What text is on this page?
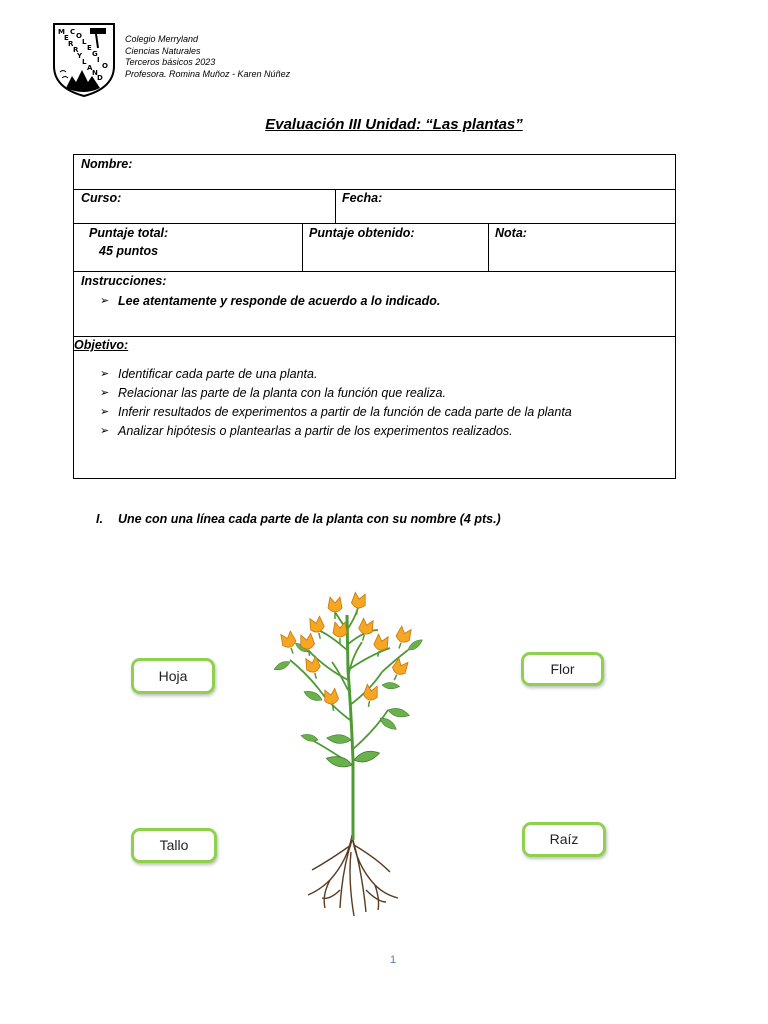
M
E
R
R
Y
L
A
N
D
C O
L
E
G
I
O
Colegio Merryland
Ciencias Naturales
Terceros básicos 2023
Profesora. Romina Muñoz - Karen Núñez
Evaluación III Unidad: “Las plantas”
Nombre:
Curso:	Fecha:
Puntaje total:
45 puntos
Puntaje obtenido:	Nota:
Instrucciones:
➢ Lee atentamente y responde de acuerdo a lo indicado.
Objetivo:
➢ Identificar cada parte de una planta.
➢ Relacionar las parte de la planta con la función que realiza.
➢ Inferir resultados de experimentos a partir de la función de cada parte de la planta
➢ Analizar hipótesis o plantearlas a partir de los experimentos realizados.
I. Une con una línea cada parte de la planta con su nombre (4 pts.)
Hoja	Flor
Tallo	Raíz
1
